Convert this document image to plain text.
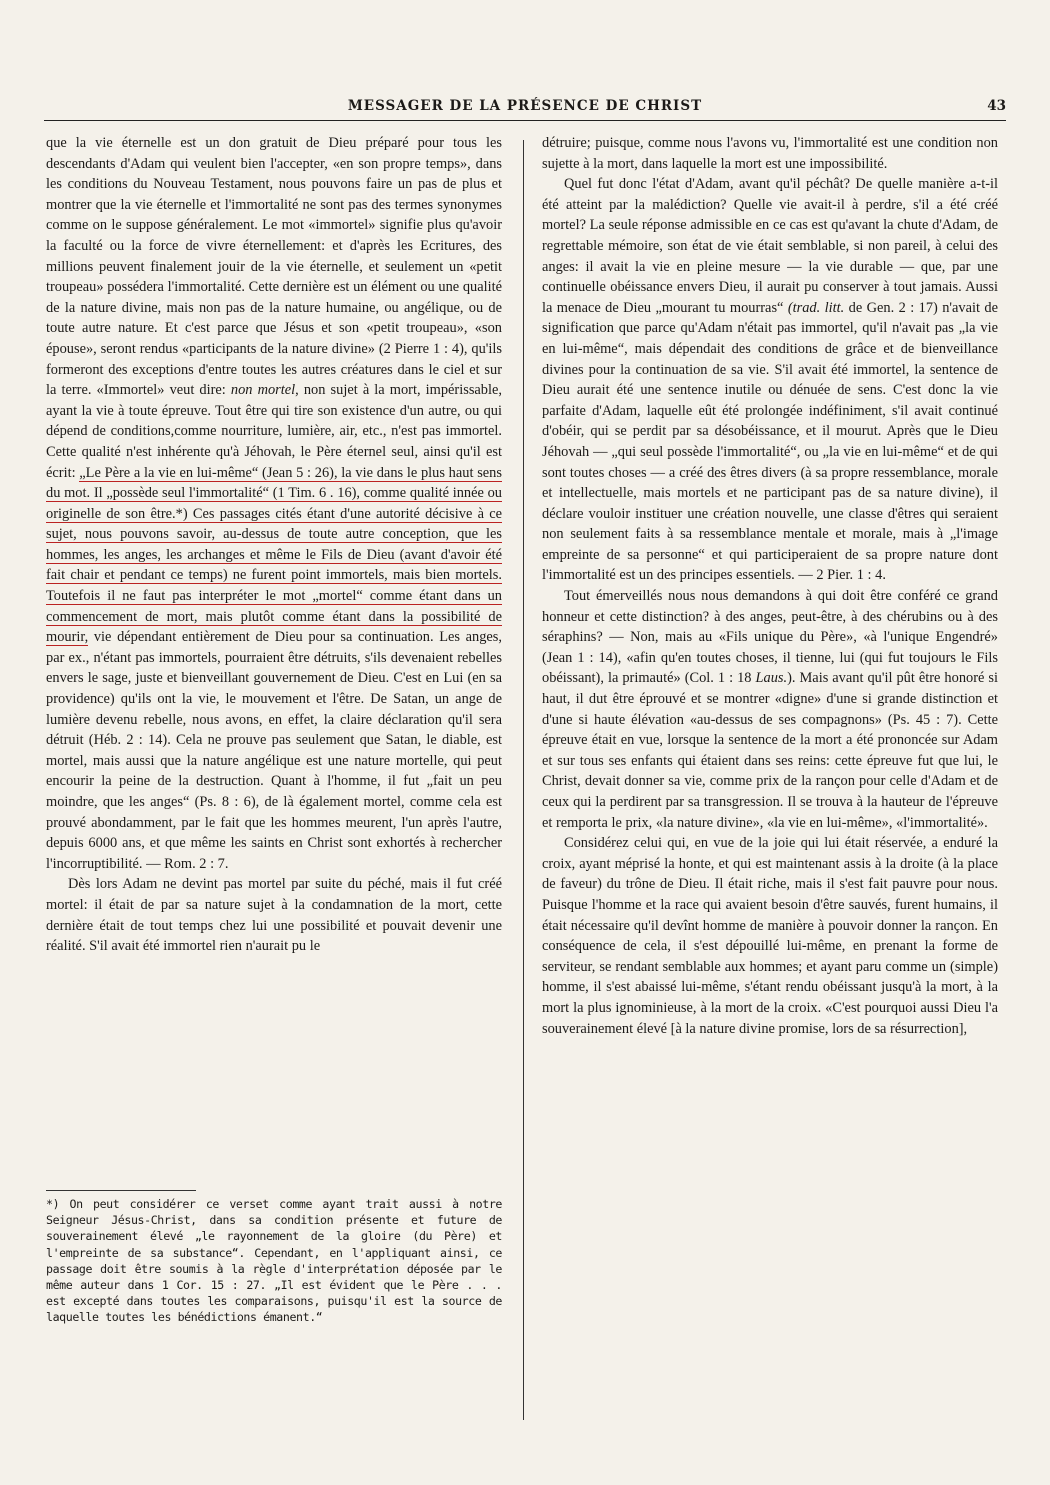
MESSAGER DE LA PRÉSENCE DE CHRIST	43

que la vie éternelle est un don gratuit de Dieu préparé pour tous les descendants d'Adam qui veulent bien l'accepter, «en son propre temps», dans les conditions du Nouveau Testament, nous pouvons faire un pas de plus et montrer que la vie éternelle et l'immortalité ne sont pas des termes synonymes comme on le suppose généralement. Le mot «immortel» signifie plus qu'avoir la faculté ou la force de vivre éternellement: et d'après les Ecritures, des millions peuvent finalement jouir de la vie éternelle, et seulement un «petit troupeau» possédera l'immortalité. Cette dernière est un élément ou une qualité de la nature divine, mais non pas de la nature humaine, ou angélique, ou de toute autre nature. Et c'est parce que Jésus et son «petit troupeau», «son épouse», seront rendus «participants de la nature divine» (2 Pierre 1 : 4), qu'ils formeront des exceptions d'entre toutes les autres créatures dans le ciel et sur la terre. «Immortel» veut dire: non mortel, non sujet à la mort, impérissable, ayant la vie à toute épreuve. Tout être qui tire son existence d'un autre, ou qui dépend de conditions,comme nourriture, lumière, air, etc., n'est pas immortel. Cette qualité n'est inhérente qu'à Jéhovah, le Père éternel seul, ainsi qu'il est écrit: „Le Père a la vie en lui-même“ (Jean 5 : 26), la vie dans le plus haut sens du mot. Il „possède seul l'immortalité“ (1 Tim. 6 . 16), comme qualité innée ou originelle de son être.*) Ces passages cités étant d'une autorité décisive à ce sujet, nous pouvons savoir, au-dessus de toute autre conception, que les hommes, les anges, les archanges et même le Fils de Dieu (avant d'avoir été fait chair et pendant ce temps) ne furent point immortels, mais bien mortels. Toutefois il ne faut pas interpréter le mot „mortel“ comme étant dans un commencement de mort, mais plutôt comme étant dans la possibilité de mourir, vie dépendant entièrement de Dieu pour sa continuation. Les anges, par ex., n'étant pas immortels, pourraient être détruits, s'ils devenaient rebelles envers le sage, juste et bienveillant gouvernement de Dieu. C'est en Lui (en sa providence) qu'ils ont la vie, le mouvement et l'être. De Satan, un ange de lumière devenu rebelle, nous avons, en effet, la claire déclaration qu'il sera détruit (Héb. 2 : 14). Cela ne prouve pas seulement que Satan, le diable, est mortel, mais aussi que la nature angélique est une nature mortelle, qui peut encourir la peine de la destruction. Quant à l'homme, il fut „fait un peu moindre, que les anges“ (Ps. 8 : 6), de là également mortel, comme cela est prouvé abondamment, par le fait que les hommes meurent, l'un après l'autre, depuis 6000 ans, et que même les saints en Christ sont exhortés à rechercher l'incorruptibilité. — Rom. 2 : 7.

Dès lors Adam ne devint pas mortel par suite du péché, mais il fut créé mortel: il était de par sa nature sujet à la condamnation de la mort, cette dernière était de tout temps chez lui une possibilité et pouvait devenir une réalité. S'il avait été immortel rien n'aurait pu le

*) On peut considérer ce verset comme ayant trait aussi à notre Seigneur Jésus-Christ, dans sa condition présente et future de souverainement élevé „le rayonnement de la gloire (du Père) et l'empreinte de sa substance“. Cependant, en l'appliquant ainsi, ce passage doit être soumis à la règle d'interprétation déposée par le même auteur dans 1 Cor. 15 : 27. „Il est évident que le Père . . . est excepté dans toutes les comparaisons, puisqu'il est la source de laquelle toutes les bénédictions émanent.“

détruire; puisque, comme nous l'avons vu, l'immortalité est une condition non sujette à la mort, dans laquelle la mort est une impossibilité.

Quel fut donc l'état d'Adam, avant qu'il péchât? De quelle manière a-t-il été atteint par la malédiction? Quelle vie avait-il à perdre, s'il a été créé mortel? La seule réponse admissible en ce cas est qu'avant la chute d'Adam, de regrettable mémoire, son état de vie était semblable, si non pareil, à celui des anges: il avait la vie en pleine mesure — la vie durable — que, par une continuelle obéissance envers Dieu, il aurait pu conserver à tout jamais. Aussi la menace de Dieu „mourant tu mourras“ (trad. litt. de Gen. 2 : 17) n'avait de signification que parce qu'Adam n'était pas immortel, qu'il n'avait pas „la vie en lui-même“, mais dépendait des conditions de grâce et de bienveillance divines pour la continuation de sa vie. S'il avait été immortel, la sentence de Dieu aurait été une sentence inutile ou dénuée de sens. C'est donc la vie parfaite d'Adam, laquelle eût été prolongée indéfiniment, s'il avait continué d'obéir, qui se perdit par sa désobéissance, et il mourut. Après que le Dieu Jéhovah — „qui seul possède l'immortalité“, ou „la vie en lui-même“ et de qui sont toutes choses — a créé des êtres divers (à sa propre ressemblance, morale et intellectuelle, mais mortels et ne participant pas de sa nature divine), il déclare vouloir instituer une création nouvelle, une classe d'êtres qui seraient non seulement faits à sa ressemblance mentale et morale, mais à „l'image empreinte de sa personne“ et qui participeraient de sa propre nature dont l'immortalité est un des principes essentiels. — 2 Pier. 1 : 4.

Tout émerveillés nous nous demandons à qui doit être conféré ce grand honneur et cette distinction? à des anges, peut-être, à des chérubins ou à des séraphins? — Non, mais au «Fils unique du Père», «à l'unique Engendré» (Jean 1 : 14), «afin qu'en toutes choses, il tienne, lui (qui fut toujours le Fils obéissant), la primauté» (Col. 1 : 18 Laus.). Mais avant qu'il pût être honoré si haut, il dut être éprouvé et se montrer «digne» d'une si grande distinction et d'une si haute élévation «au-dessus de ses compagnons» (Ps. 45 : 7). Cette épreuve était en vue, lorsque la sentence de la mort a été prononcée sur Adam et sur tous ses enfants qui étaient dans ses reins: cette épreuve fut que lui, le Christ, devait donner sa vie, comme prix de la rançon pour celle d'Adam et de ceux qui la perdirent par sa transgression. Il se trouva à la hauteur de l'épreuve et remporta le prix, «la nature divine», «la vie en lui-même», «l'immortalité».

Considérez celui qui, en vue de la joie qui lui était réservée, a enduré la croix, ayant méprisé la honte, et qui est maintenant assis à la droite (à la place de faveur) du trône de Dieu. Il était riche, mais il s'est fait pauvre pour nous. Puisque l'homme et la race qui avaient besoin d'être sauvés, furent humains, il était nécessaire qu'il devînt homme de manière à pouvoir donner la rançon. En conséquence de cela, il s'est dépouillé lui-même, en prenant la forme de serviteur, se rendant semblable aux hommes; et ayant paru comme un (simple) homme, il s'est abaissé lui-même, s'étant rendu obéissant jusqu'à la mort, à la mort la plus ignominieuse, à la mort de la croix. «C'est pourquoi aussi Dieu l'a souverainement élevé [à la nature divine promise, lors de sa résurrection],
